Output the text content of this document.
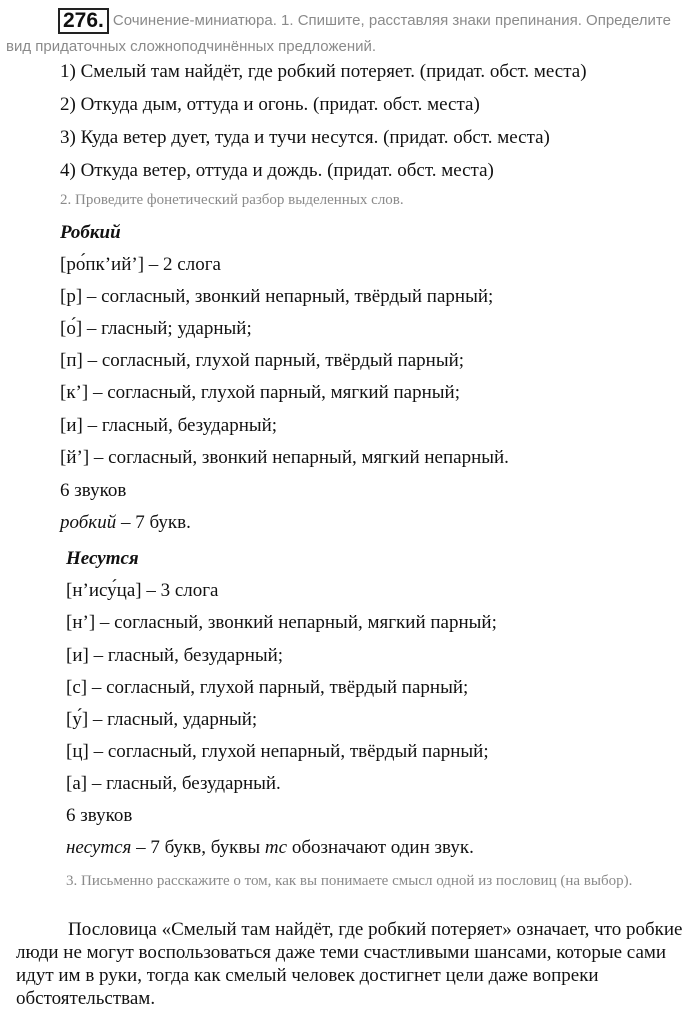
276. Сочинение-миниатюра. 1. Спишите, расставляя знаки препинания. Определите вид придаточных сложноподчинённых предложений.
1) Смелый там найдёт, где робкий потеряет. (придат. обст. места)
2) Откуда дым, оттуда и огонь. (придат. обст. места)
3) Куда ветер дует, туда и тучи несутся. (придат. обст. места)
4) Откуда ветер, оттуда и дождь. (придат. обст. места)
2. Проведите фонетический разбор выделенных слов.
Робкий
[ро́пк’ий’] – 2 слога
[р] – согласный, звонкий непарный, твёрдый парный;
[о́] – гласный; ударный;
[п] – согласный, глухой парный, твёрдый парный;
[к’] – согласный, глухой парный, мягкий парный;
[и] – гласный, безударный;
[й’] – согласный, звонкий непарный, мягкий непарный.
6 звуков
робкий – 7 букв.
Несутся
[н’ису́ца] – 3 слога
[н’] – согласный, звонкий непарный, мягкий парный;
[и] – гласный, безударный;
[с] – согласный, глухой парный, твёрдый парный;
[у́] – гласный, ударный;
[ц] – согласный, глухой непарный, твёрдый парный;
[а] – гласный, безударный.
6 звуков
несутся – 7 букв, буквы тс обозначают один звук.
3. Письменно расскажите о том, как вы понимаете смысл одной из пословиц (на выбор).
Пословица «Смелый там найдёт, где робкий потеряет» означает, что робкие люди не могут воспользоваться даже теми счастливыми шансами, которые сами идут им в руки, тогда как смелый человек достигнет цели даже вопреки обстоятельствам.
